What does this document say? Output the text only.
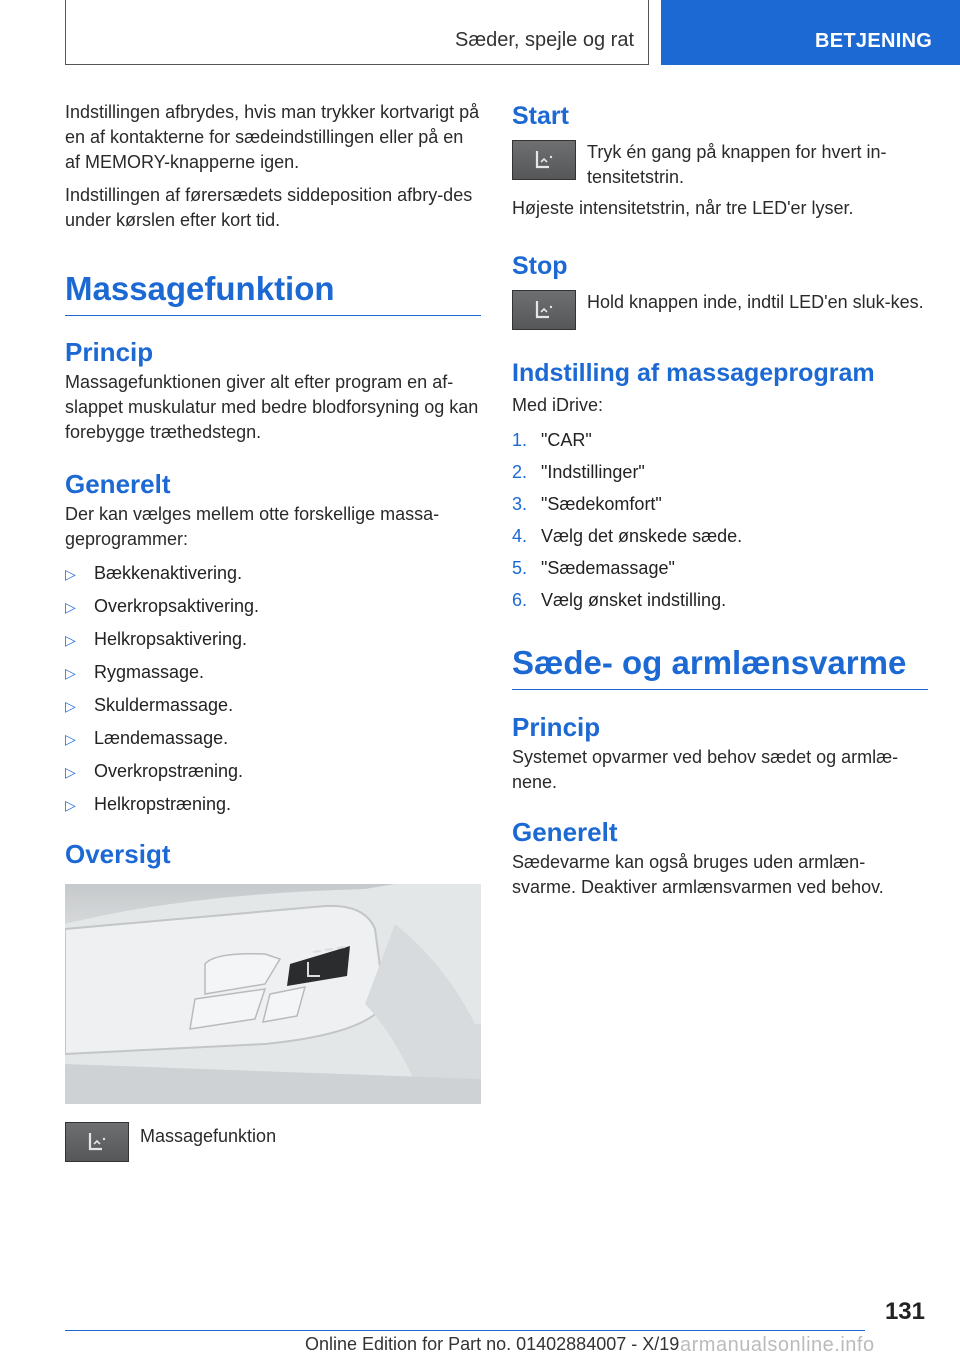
Sæder, spejle og rat	BETJENING

Indstillingen afbrydes, hvis man trykker kortvarigt på en af kontakterne for sædeindstillingen eller på en af MEMORY-knapperne igen.

Indstillingen af førersædets siddeposition afbry-des under kørslen efter kort tid.

Massagefunktion
Princip

Massagefunktionen giver alt efter program en af-slappet muskulatur med bedre blodforsyning og kan forebygge træthedstegn.

Generelt

Der kan vælges mellem otte forskellige massa-geprogrammer:

▷	Bækkenaktivering.
▷	Overkropsaktivering.
▷	Helkropsaktivering.
▷	Rygmassage.
▷	Skuldermassage.
▷	Lændemassage.
▷	Overkropstræning.
▷	Helkropstræning.
Oversigt

Massagefunktion

Start

Tryk én gang på knappen for hvert in-tensitetstrin.

Højeste intensitetstrin, når tre LED'er lyser.

Stop

Hold knappen inde, indtil LED'en sluk-kes.

Indstilling af massageprogram

Med iDrive:

1. "CAR"
2. "Indstillinger"
3. "Sædekomfort"
4. Vælg det ønskede sæde.
5. "Sædemassage"
6. Vælg ønsket indstilling.
Sæde- og armlænsvarme
Princip

Systemet opvarmer ved behov sædet og armlæ-nene.

Generelt

Sædevarme kan også bruges uden armlæn-svarme. Deaktiver armlænsvarmen ved behov.

131
Online Edition for Part no. 01402884007 - X/19 armanualsonline.info
